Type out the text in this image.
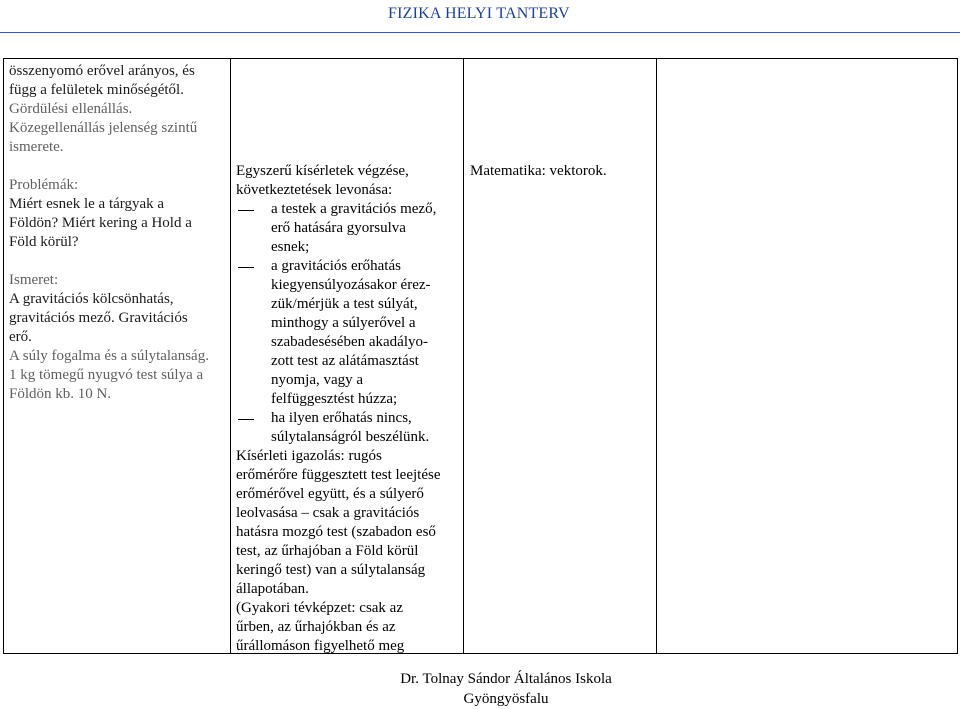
FIZIKA HELYI TANTERV

összenyomó erővel arányos, és

függ a felületek minőségétől.

Gördülési ellenállás.

Közegellenállás jelenség szintű

ismerete.

Problémák:

Miért esnek le a tárgyak a

Földön? Miért kering a Hold a

Föld körül?

Ismeret:

A gravitációs kölcsönhatás,

gravitációs mező. Gravitációs

erő.

A súly fogalma és a súlytalanság.

1 kg tömegű nyugvó test súlya a

Földön kb. 10 N.

Egyszerű kísérletek végzése,

következtetések levonása:

a testek a gravitációs mező,

erő hatására gyorsulva

esnek;

a gravitációs erőhatás

kiegyensúlyozásakor érez-

zük/mérjük a test súlyát,

minthogy a súlyerővel a

szabadesésében akadályo-

zott test az alátámasztást

nyomja, vagy a

felfüggesztést húzza;

ha ilyen erőhatás nincs,

súlytalanságról beszélünk.

Kísérleti igazolás: rugós

erőmérőre függesztett test leejtése

erőmérővel együtt, és a súlyerő

leolvasása – csak a gravitációs

hatásra mozgó test (szabadon eső

test, az űrhajóban a Föld körül

keringő test) van a súlytalanság

állapotában.

(Gyakori tévképzet: csak az

űrben, az űrhajókban és az

űrállomáson figyelhető meg

Matematika: vektorok.

Dr. Tolnay Sándor Általános Iskola
Gyöngyösfalu
